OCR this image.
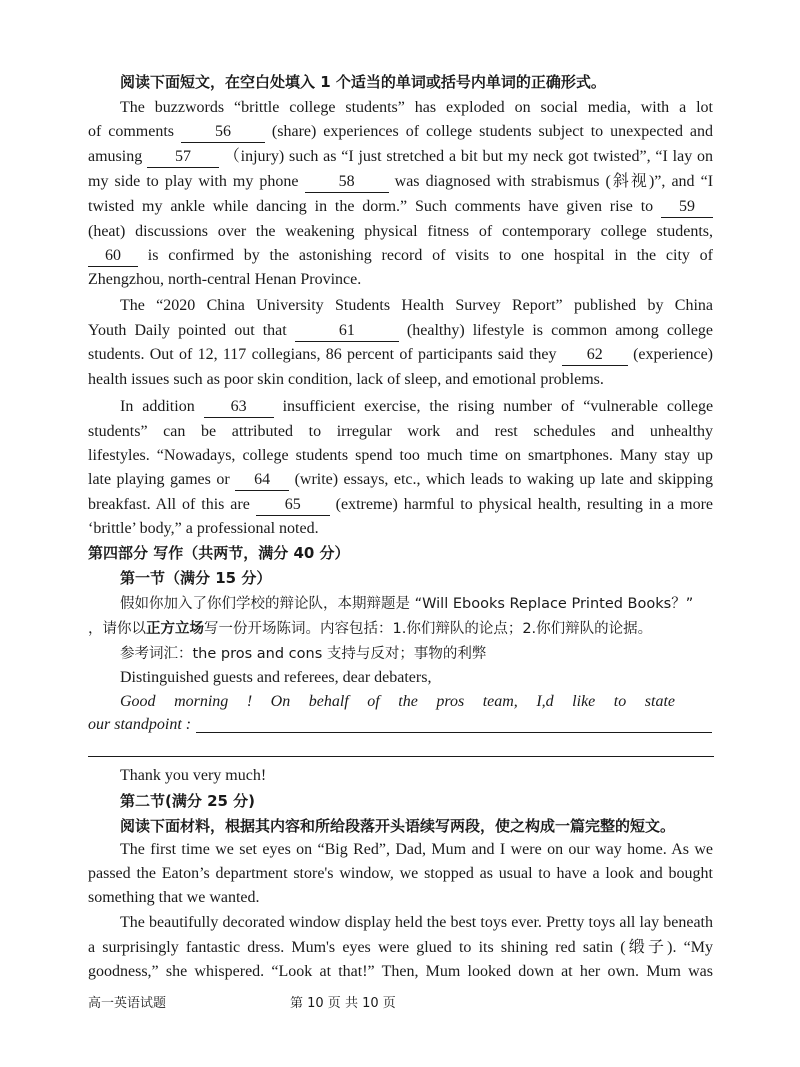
阅读下面短文，在空白处填入 1 个适当的单词或括号内单词的正确形式。
The buzzwords “brittle college students” has exploded on social media, with a lot
of comments	56	(share) experiences of college students subject to unexpected and
amusing 57 （injury) such as “I just stretched a bit but my neck got twisted”, “I lay on
my side to play with my phone	58	was diagnosed with strabismus (斜视)”, and “I
twisted my ankle while dancing in the dorm.” Such comments have given rise to 59
(heat) discussions over the weakening physical fitness of contemporary college students,
60 is confirmed by the astonishing record of visits to one hospital in the city of
Zhengzhou, north-central Henan Province.
The “2020 China University Students Health Survey Report” published by China
Youth Daily pointed out that	61	(healthy) lifestyle is common among college
students. Out of 12, 117 collegians, 86 percent of participants said they 62 (experience)
health issues such as poor skin condition, lack of sleep, and emotional problems.
In addition 63 insufficient exercise, the rising number of “vulnerable college
students” can be attributed to irregular work and rest schedules and unhealthy
lifestyles. “Nowadays, college students spend too much time on smartphones. Many stay up
late playing games or 64 (write) essays, etc., which leads to waking up late and skipping
breakfast. All of this are 65 (extreme) harmful to physical health, resulting in a more
‘brittle’ body,” a professional noted.
第四部分 写作（共两节，满分 40 分）
第一节（满分 15 分）
假如你加入了你们学校的辩论队，本期辩题是 “Will Ebooks Replace Printed Books？”
，请你以正方立场写一份开场陈词。内容包括：1.你们辩队的论点；2.你们辩队的论据。
参考词汇：the pros and cons 支持与反对；事物的利弊
Distinguished guests and referees, dear debaters,
Good morning ! On behalf of the pros team, I,d like to state
our standpoint :
Thank you very much!
第二节(满分 25 分)
阅读下面材料，根据其内容和所给段落开头语续写两段，使之构成一篇完整的短文。
The first time we set eyes on “Big Red”, Dad, Mum and I were on our way home. As we
passed the Eaton’s department store's window, we stopped as usual to have a look and bought
something that we wanted.
The beautifully decorated window display held the best toys ever. Pretty toys all lay beneath
a surprisingly fantastic dress. Mum's eyes were glued to its shining red satin (缎子). “My
goodness,” she whispered. “Look at that!” Then, Mum looked down at her own. Mum was
高一英语试题	第 10 页 共 10 页
